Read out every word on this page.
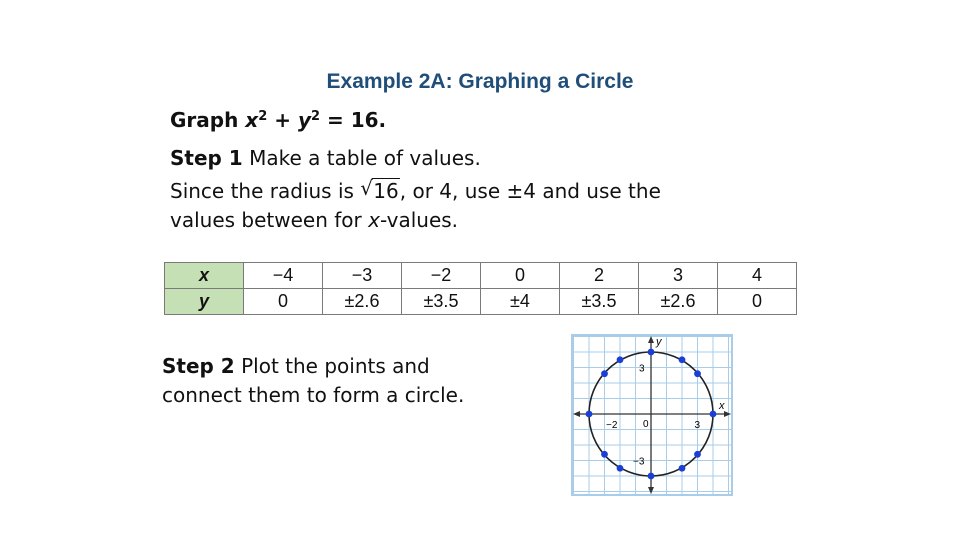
Example 2A: Graphing a Circle
Graph $x^2 + y^2 = 16$.
Step 1 Make a table of values.
Since the radius is √ 16, or 4, use ±4 and use the
values between for x-values.
x	−4	−3	−2	0	2	3	4
y	0	±2.6	±3.5	±4	±3.5	±2.6	0
Step 2 Plot the points and
connect them to form a circle.	x
y
−2	3
0
3
−3
